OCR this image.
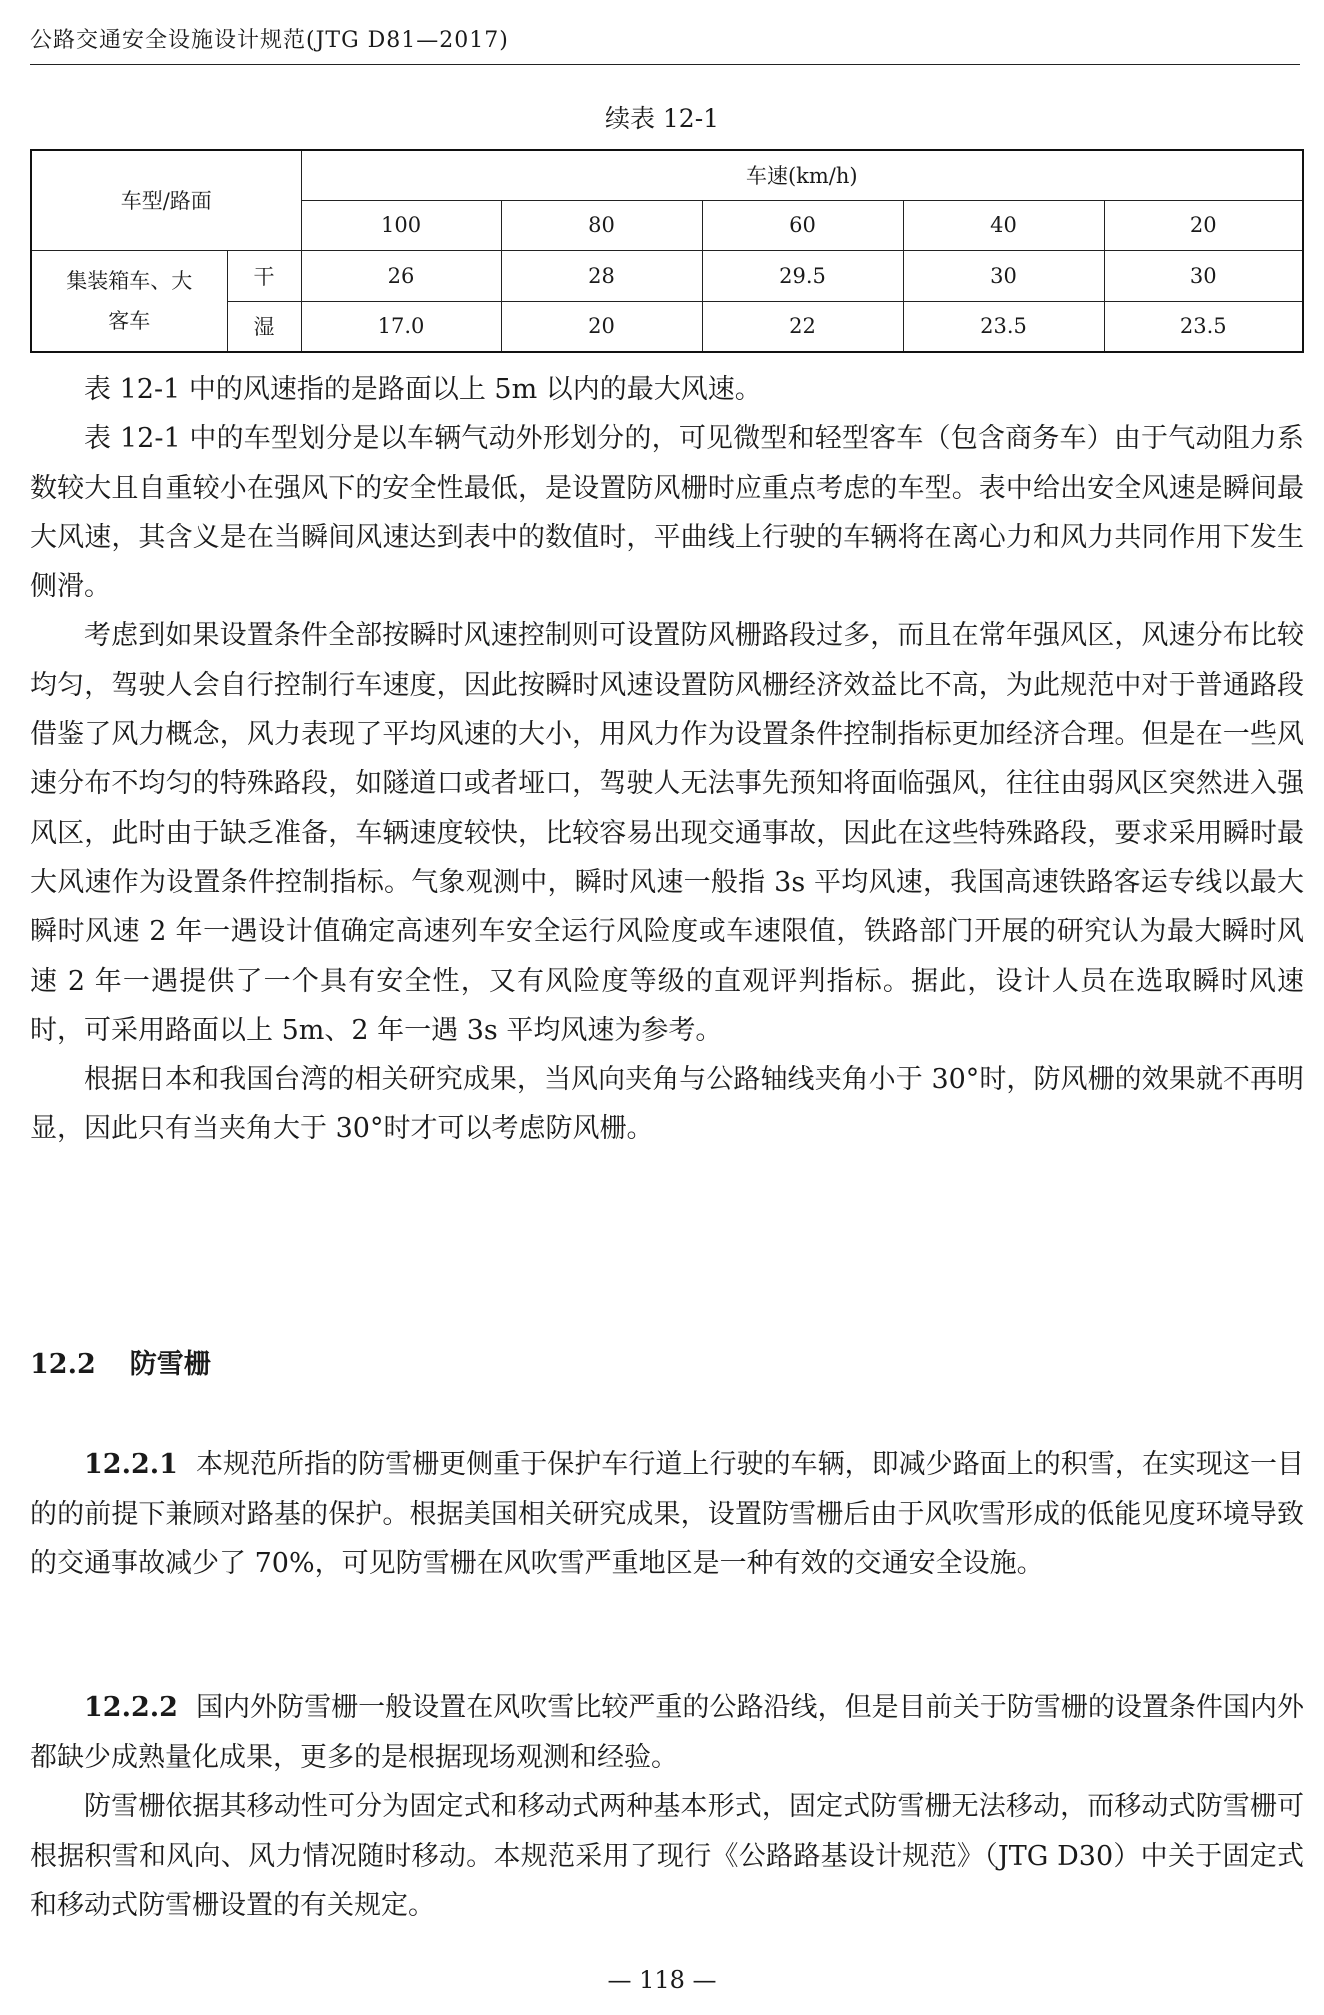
公路交通安全设施设计规范(JTG D81—2017)
续表 12-1
车型/路面		车速(km/h)				
		100	80	60	40	20
集装箱车、大客车	干	26	28	29.5	30	30
	湿	17.0	20	22	23.5	23.5

表 12-1 中的风速指的是路面以上 5m 以内的最大风速。

表 12-1 中的车型划分是以车辆气动外形划分的，可见微型和轻型客车（包含商务车）由于气动阻力系数较大且自重较小在强风下的安全性最低，是设置防风栅时应重点考虑的车型。表中给出安全风速是瞬间最大风速，其含义是在当瞬间风速达到表中的数值时，平曲线上行驶的车辆将在离心力和风力共同作用下发生侧滑。

考虑到如果设置条件全部按瞬时风速控制则可设置防风栅路段过多，而且在常年强风区，风速分布比较均匀，驾驶人会自行控制行车速度，因此按瞬时风速设置防风栅经济效益比不高，为此规范中对于普通路段借鉴了风力概念，风力表现了平均风速的大小，用风力作为设置条件控制指标更加经济合理。但是在一些风速分布不均匀的特殊路段，如隧道口或者垭口，驾驶人无法事先预知将面临强风，往往由弱风区突然进入强风区，此时由于缺乏准备，车辆速度较快，比较容易出现交通事故，因此在这些特殊路段，要求采用瞬时最大风速作为设置条件控制指标。气象观测中，瞬时风速一般指 3s 平均风速，我国高速铁路客运专线以最大瞬时风速 2 年一遇设计值确定高速列车安全运行风险度或车速限值，铁路部门开展的研究认为最大瞬时风速 2 年一遇提供了一个具有安全性，又有风险度等级的直观评判指标。据此，设计人员在选取瞬时风速时，可采用路面以上 5m、2 年一遇 3s 平均风速为参考。

根据日本和我国台湾的相关研究成果，当风向夹角与公路轴线夹角小于 30°时，防风栅的效果就不再明显，因此只有当夹角大于 30°时才可以考虑防风栅。

12.2 防雪栅

12.2.1 本规范所指的防雪栅更侧重于保护车行道上行驶的车辆，即减少路面上的积雪，在实现这一目的的前提下兼顾对路基的保护。根据美国相关研究成果，设置防雪栅后由于风吹雪形成的低能见度环境导致的交通事故减少了 70%，可见防雪栅在风吹雪严重地区是一种有效的交通安全设施。

12.2.2 国内外防雪栅一般设置在风吹雪比较严重的公路沿线，但是目前关于防雪栅的设置条件国内外都缺少成熟量化成果，更多的是根据现场观测和经验。

防雪栅依据其移动性可分为固定式和移动式两种基本形式，固定式防雪栅无法移动，而移动式防雪栅可根据积雪和风向、风力情况随时移动。本规范采用了现行《公路路基设计规范》（JTG D30）中关于固定式和移动式防雪栅设置的有关规定。

— 118 —
